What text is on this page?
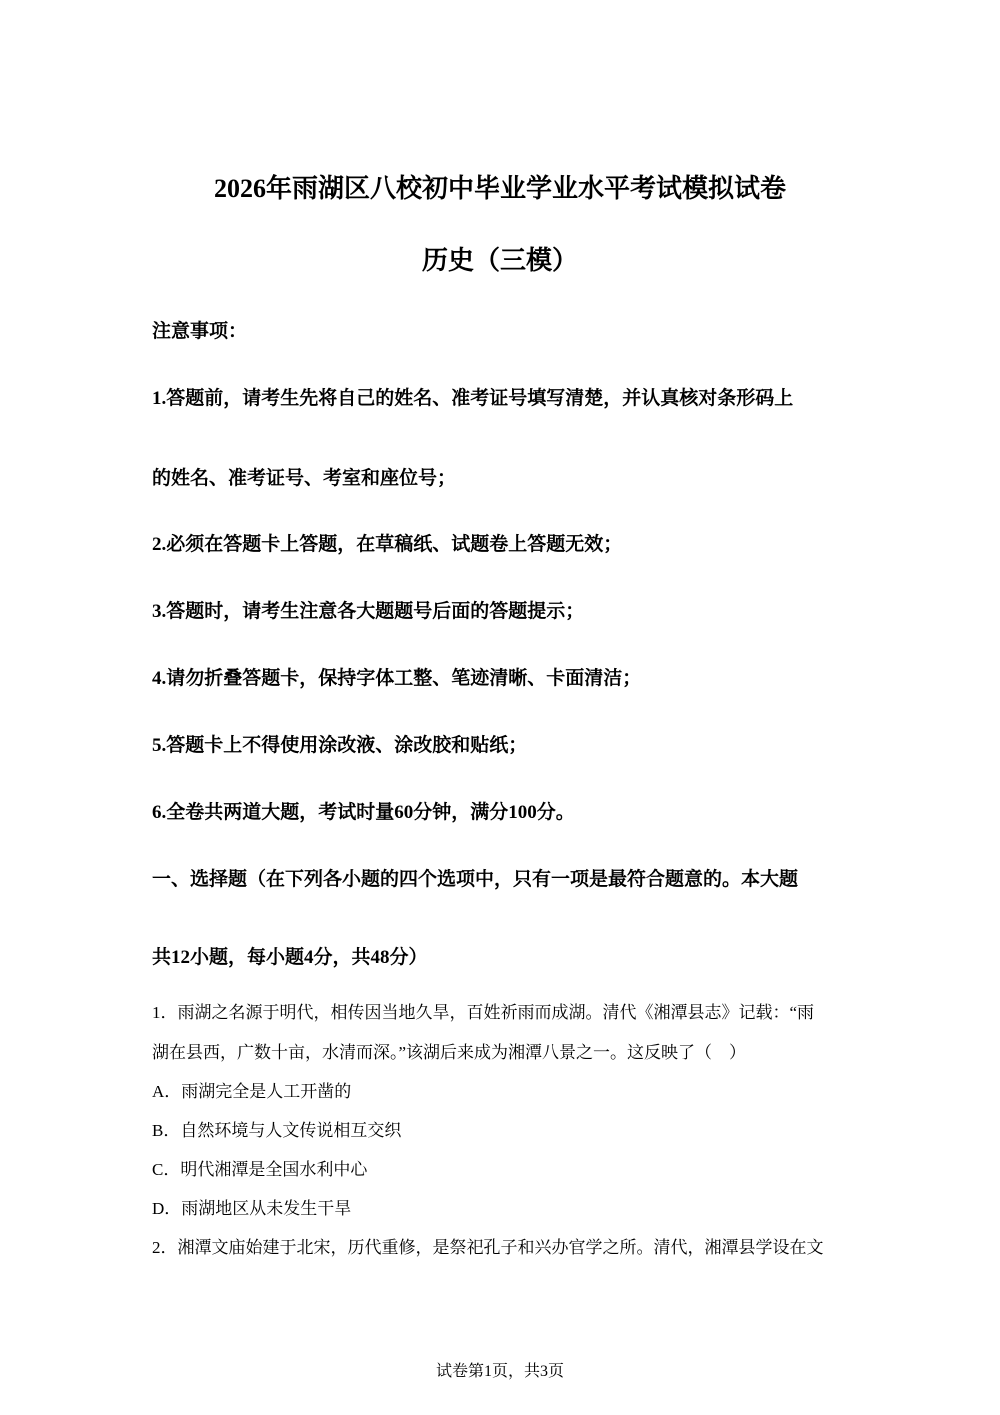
2026年雨湖区八校初中毕业学业水平考试模拟试卷
历史（三模）
注意事项：
1.答题前，请考生先将自己的姓名、准考证号填写清楚，并认真核对条形码上
的姓名、准考证号、考室和座位号；
2.必须在答题卡上答题，在草稿纸、试题卷上答题无效；
3.答题时，请考生注意各大题题号后面的答题提示；
4.请勿折叠答题卡，保持字体工整、笔迹清晰、卡面清洁；
5.答题卡上不得使用涂改液、涂改胶和贴纸；
6.全卷共两道大题，考试时量60分钟，满分100分。
一、选择题（在下列各小题的四个选项中，只有一项是最符合题意的。本大题
共12小题，每小题4分，共48分）
1．雨湖之名源于明代，相传因当地久旱，百姓祈雨而成湖。清代《湘潭县志》记载：“雨
湖在县西，广数十亩，水清而深。”该湖后来成为湘潭八景之一。这反映了（　）
A．雨湖完全是人工开凿的
B．自然环境与人文传说相互交织
C．明代湘潭是全国水利中心
D．雨湖地区从未发生干旱
2．湘潭文庙始建于北宋，历代重修，是祭祀孔子和兴办官学之所。清代，湘潭县学设在文
试卷第1页，共3页
